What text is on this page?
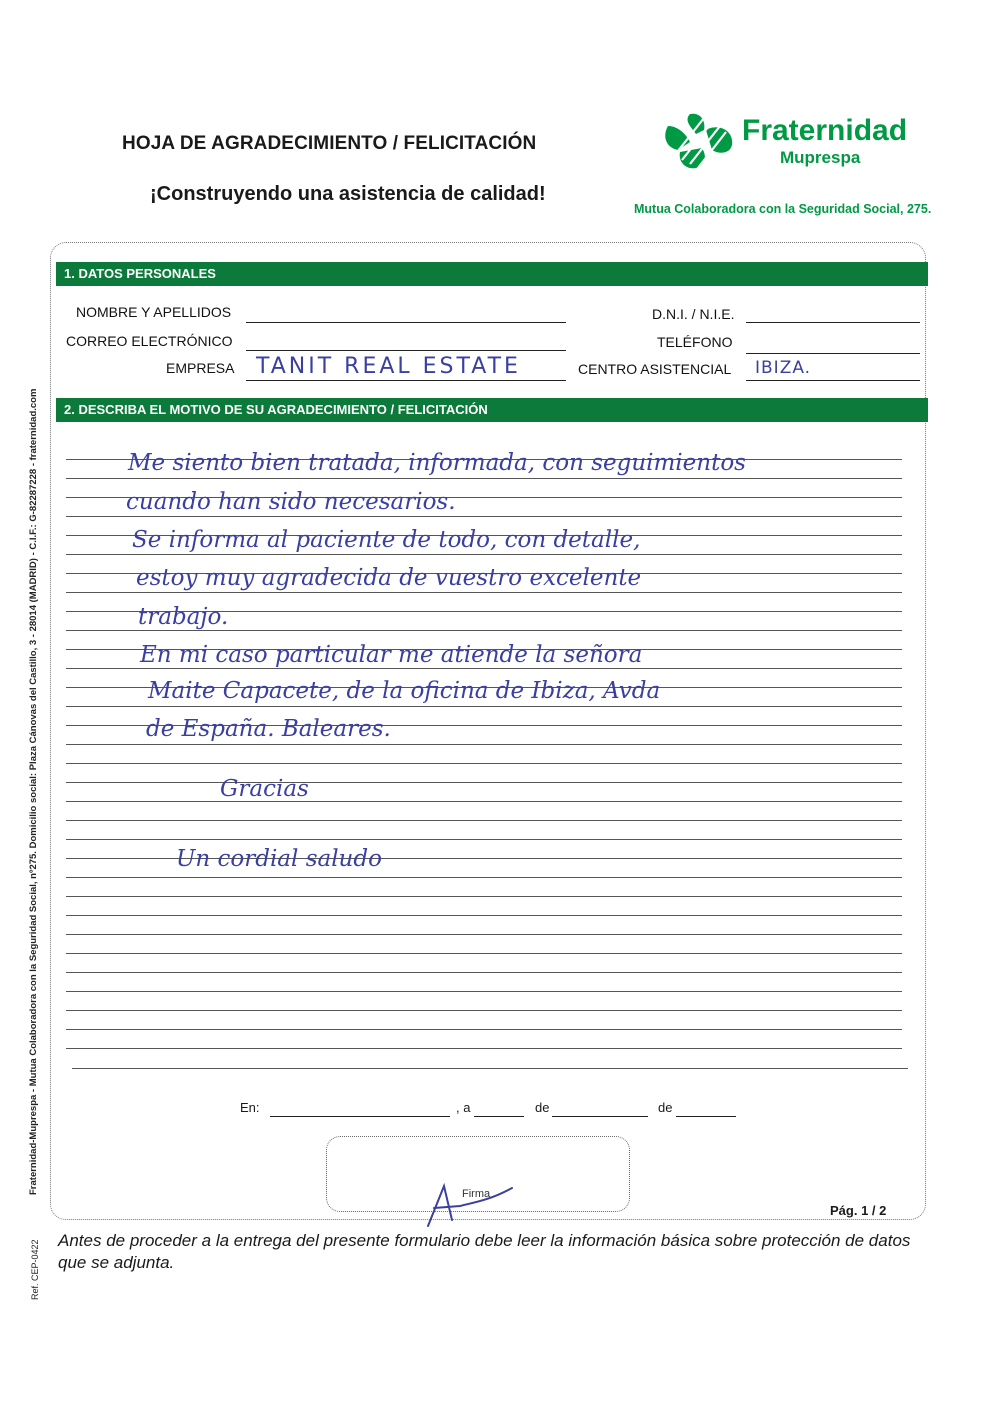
HOJA DE AGRADECIMIENTO / FELICITACIÓN
¡Construyendo una asistencia de calidad!
Fraternidad
Muprespa
Mutua Colaboradora con la Seguridad Social, 275.
Fraternidad-Muprespa - Mutua Colaboradora con la Seguridad Social, nº275. Domicilio social: Plaza Cánovas del Castillo, 3 - 28014 (MADRID) - C.I.F.: G-82287228 - fraternidad.com
Ref. CEP-0422
1. DATOS PERSONALES
NOMBRE Y APELLIDOS	D.N.I. / N.I.E.
CORREO ELECTRÓNICO	TELÉFONO
EMPRESA TANIT REAL ESTATE	CENTRO ASISTENCIAL IBIZA.
2. DESCRIBA EL MOTIVO DE SU AGRADECIMIENTO / FELICITACIÓN
Me siento bien tratada, informada, con seguimientos
cuando han sido necesarios.
Se informa al paciente de todo, con detalle,
estoy muy agradecida de vuestro excelente
trabajo.
En mi caso particular me atiende la señora
Maite Capacete, de la oficina de Ibiza, Avda
de España. Baleares.
Gracias
Un cordial saludo
En:	, a	de	de
Firma
Pág. 1 / 2
Antes de proceder a la entrega del presente formulario debe leer la información básica sobre protección de datos que se adjunta.
